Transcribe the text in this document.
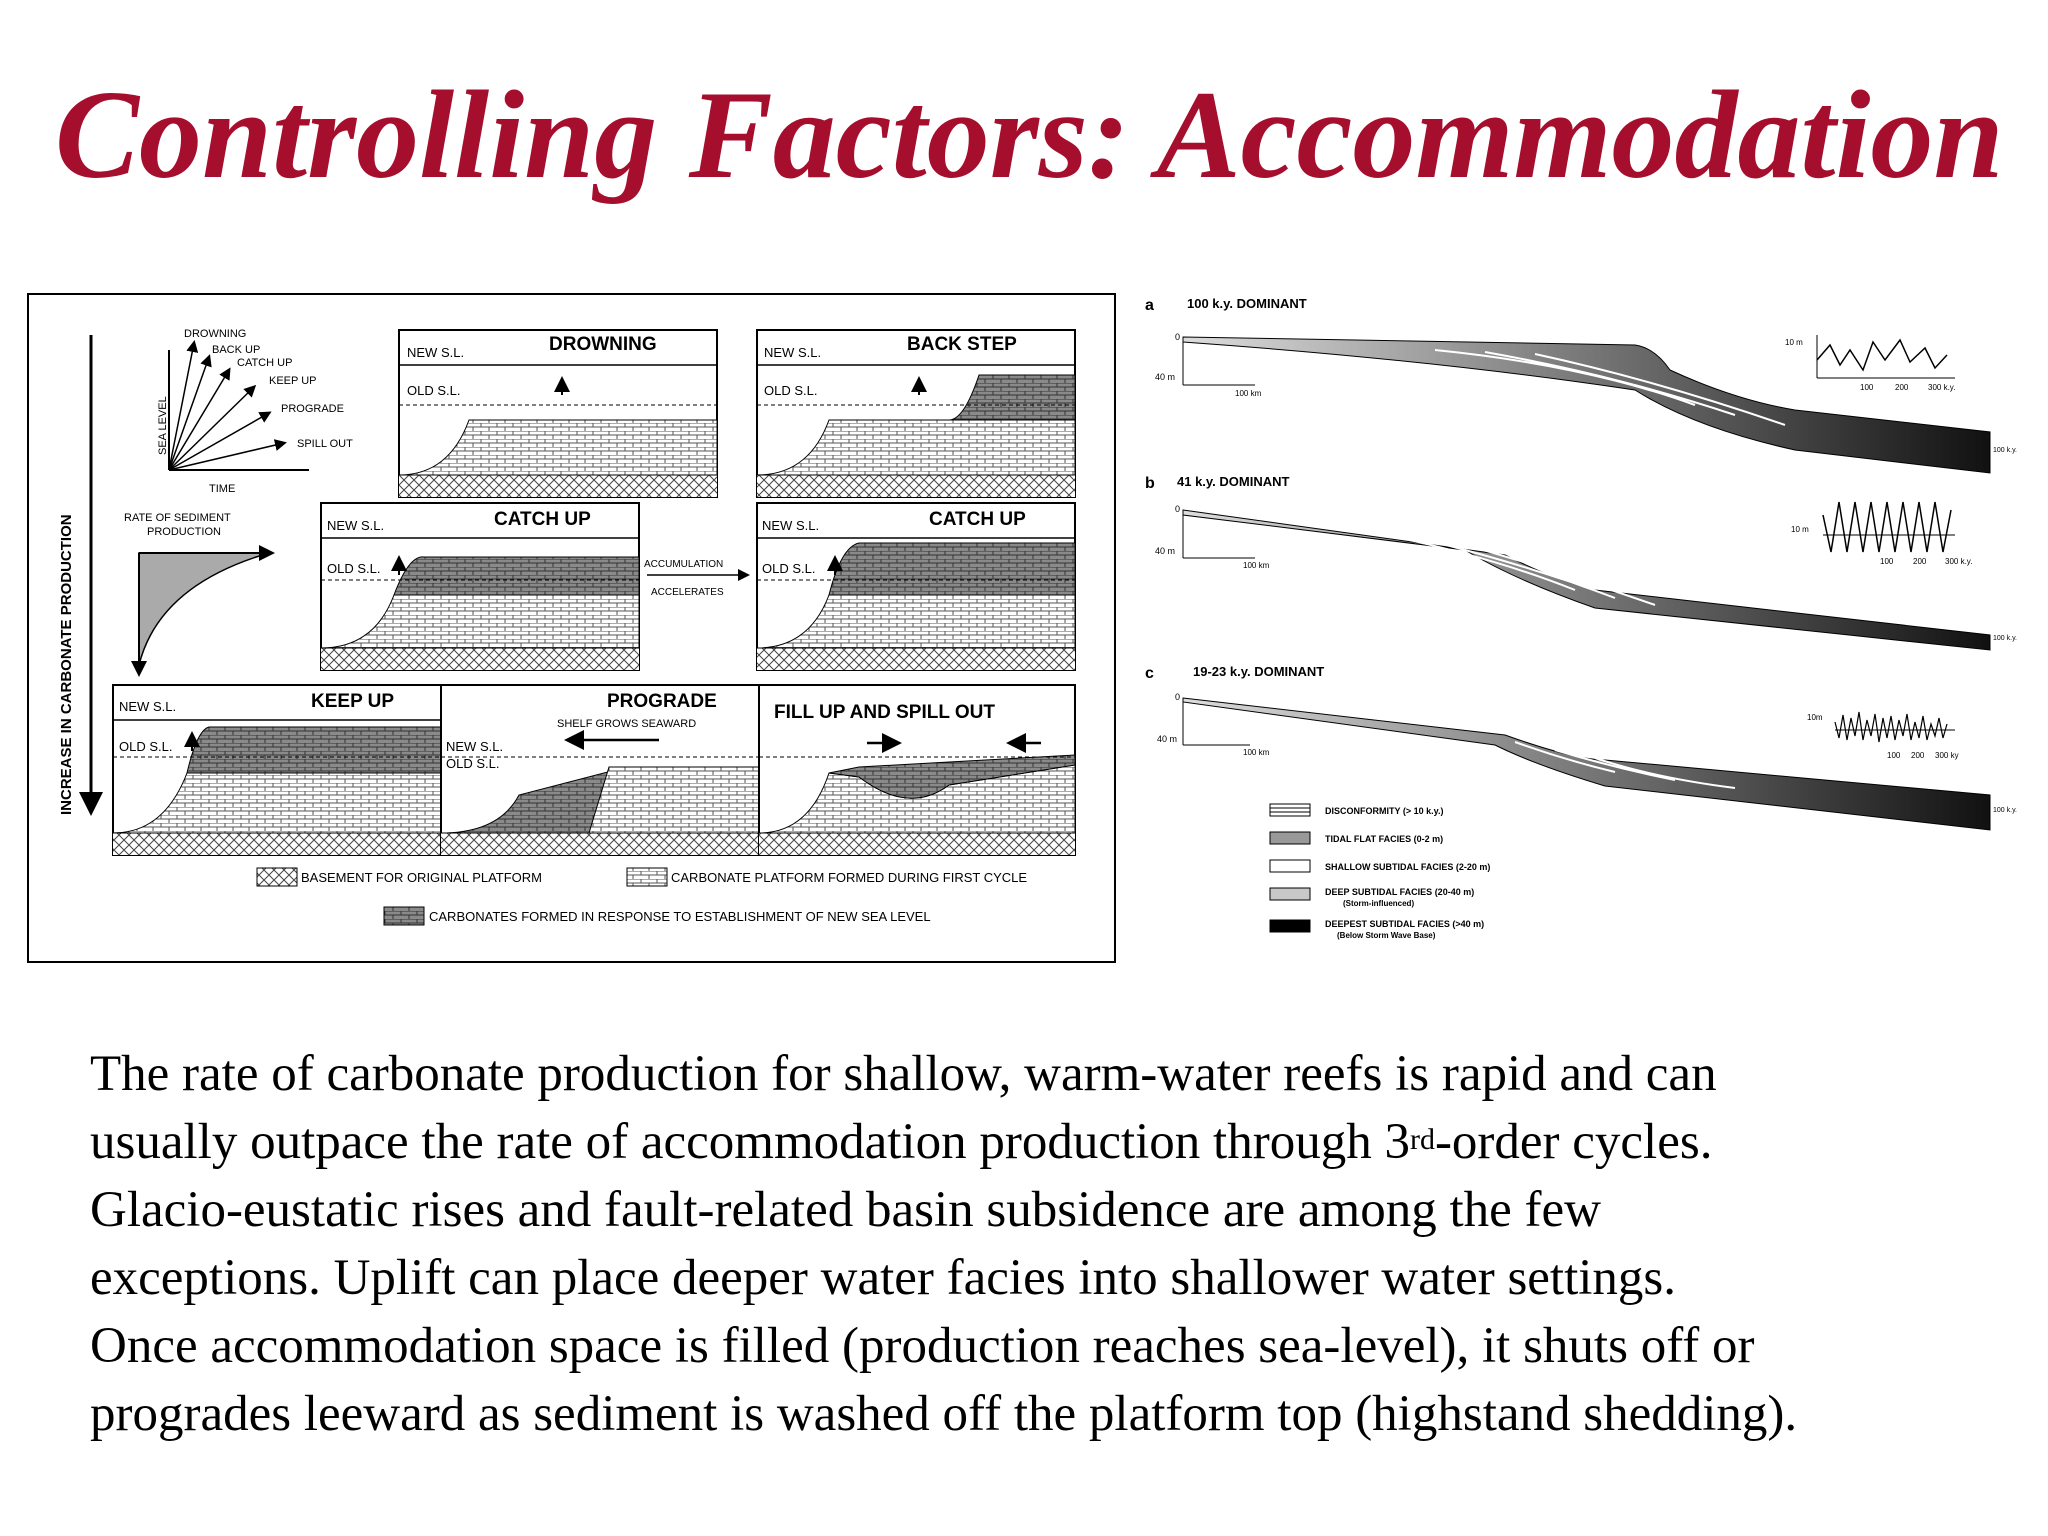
Controlling Factors: Accommodation
INCREASE IN CARBONATE PRODUCTION
SEA LEVEL
TIME
DROWNING
BACK UP
CATCH UP
KEEP UP
PROGRADE
SPILL OUT
RATE OF SEDIMENT
PRODUCTION
NEW S.L.
OLD S.L.
DROWNING	NEW S.L.
OLD S.L.
BACK STEP
NEW S.L.
OLD S.L.
CATCH UP
ACCUMULATION
ACCELERATES
NEW S.L.
OLD S.L.
CATCH UP
NEW S.L.
OLD S.L.
KEEP UP
NEW S.L.
OLD S.L.
PROGRADE
SHELF GROWS SEAWARD
FILL UP AND SPILL OUT
BASEMENT FOR ORIGINAL PLATFORM	CARBONATE PLATFORM FORMED DURING FIRST CYCLE
CARBONATES FORMED IN RESPONSE TO ESTABLISHMENT OF NEW SEA LEVEL
a	100 k.y. DOMINANT
0
40 m
100 km
10 m
100	200 300 k.y.
100 k.y.
b 41 k.y. DOMINANT
0
40 m
100 km
10 m
100 200 300 k.y.
100 k.y.
c	19-23 k.y. DOMINANT
0
40 m
100 km
10m
100 200 300 ky
100 k.y.
DISCONFORMITY (> 10 k.y.)
TIDAL FLAT FACIES (0-2 m)
SHALLOW SUBTIDAL FACIES (2-20 m)
DEEP SUBTIDAL FACIES (20-40 m)
(Storm-influenced)
DEEPEST SUBTIDAL FACIES (>40 m)
(Below Storm Wave Base)

The rate of carbonate production for shallow, warm-water reefs is rapid and can

usually outpace the rate of accommodation production through 3rd-order cycles.

Glacio-eustatic rises and fault-related basin subsidence are among the few

exceptions. Uplift can place deeper water facies into shallower water settings.

Once accommodation space is filled (production reaches sea-level), it shuts off or

progrades leeward as sediment is washed off the platform top (highstand shedding).
